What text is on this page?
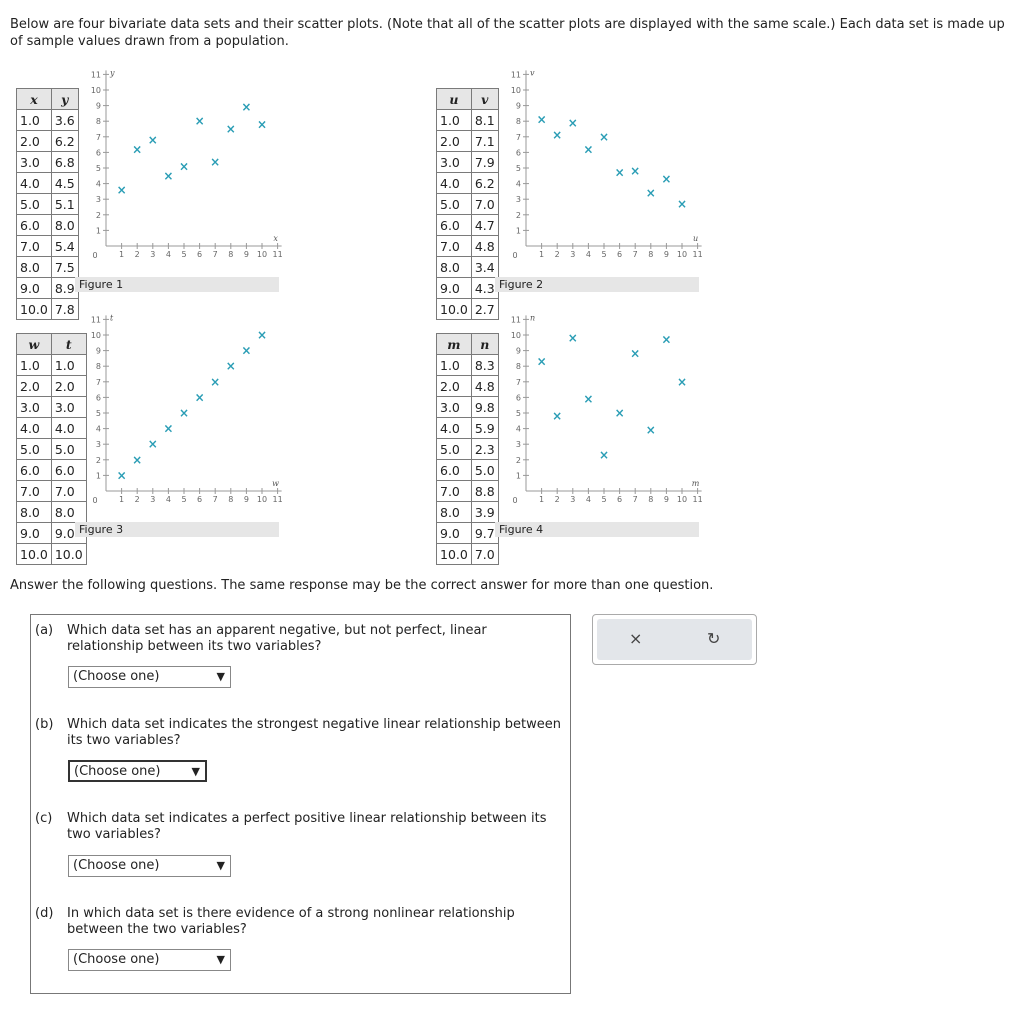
Below are four bivariate data sets and their scatter plots. (Note that all of the scatter plots are displayed with the same scale.) Each data set is made up of sample values drawn from a population.

x	y
1.0	3.6
2.0	6.2
3.0	6.8
4.0	4.5
5.0	5.1
6.0	8.0
7.0	5.4
8.0	7.5
9.0	8.9
10.0	7.8
Figure 1
1 2 3 4 5 6 7 8 9 10 11
1
2
3
4
5
6
7
8
9
10
11
0
x
y
×
×
×
×
×
×
×
×
×
×
u	v
1.0	8.1
2.0	7.1
3.0	7.9
4.0	6.2
5.0	7.0
6.0	4.7
7.0	4.8
8.0	3.4
9.0	4.3
10.0	2.7
Figure 2
1 2 3 4 5 6 7 8 9 10 11
1
2
3
4
5
6
7
8
9
10
11
0
u
v
×
×
×
×
×
× ×
×
×
×
w	t
1.0	1.0
2.0	2.0
3.0	3.0
4.0	4.0
5.0	5.0
6.0	6.0
7.0	7.0
8.0	8.0
9.0	9.0
10.0	10.0
Figure 3
1 2 3 4 5 6 7 8 9 10 11
1
2
3
4
5
6
7
8
9
10
11
0
w
t
×
×
×
×
×
×
×
×
×
×
m	n
1.0	8.3
2.0	4.8
3.0	9.8
4.0	5.9
5.0	2.3
6.0	5.0
7.0	8.8
8.0	3.9
9.0	9.7
10.0	7.0
Figure 4
1 2 3 4 5 6 7 8 9 10 11
1
2
3
4
5
6
7
8
9
10
11
0
m
n
×
×
×
×
×
×
×
×
×
×

Answer the following questions. The same response may be the correct answer for more than one question.

(a) Which data set has an apparent negative, but not perfect, linear relationship between its two variables?
(Choose one)	▼
(b) Which data set indicates the strongest negative linear relationship between its two variables?
(Choose one)	▼
(c) Which data set indicates a perfect positive linear relationship between its two variables?
(Choose one)	▼
(d) In which data set is there evidence of a strong nonlinear relationship between the two variables?
(Choose one)	▼
×	↻
